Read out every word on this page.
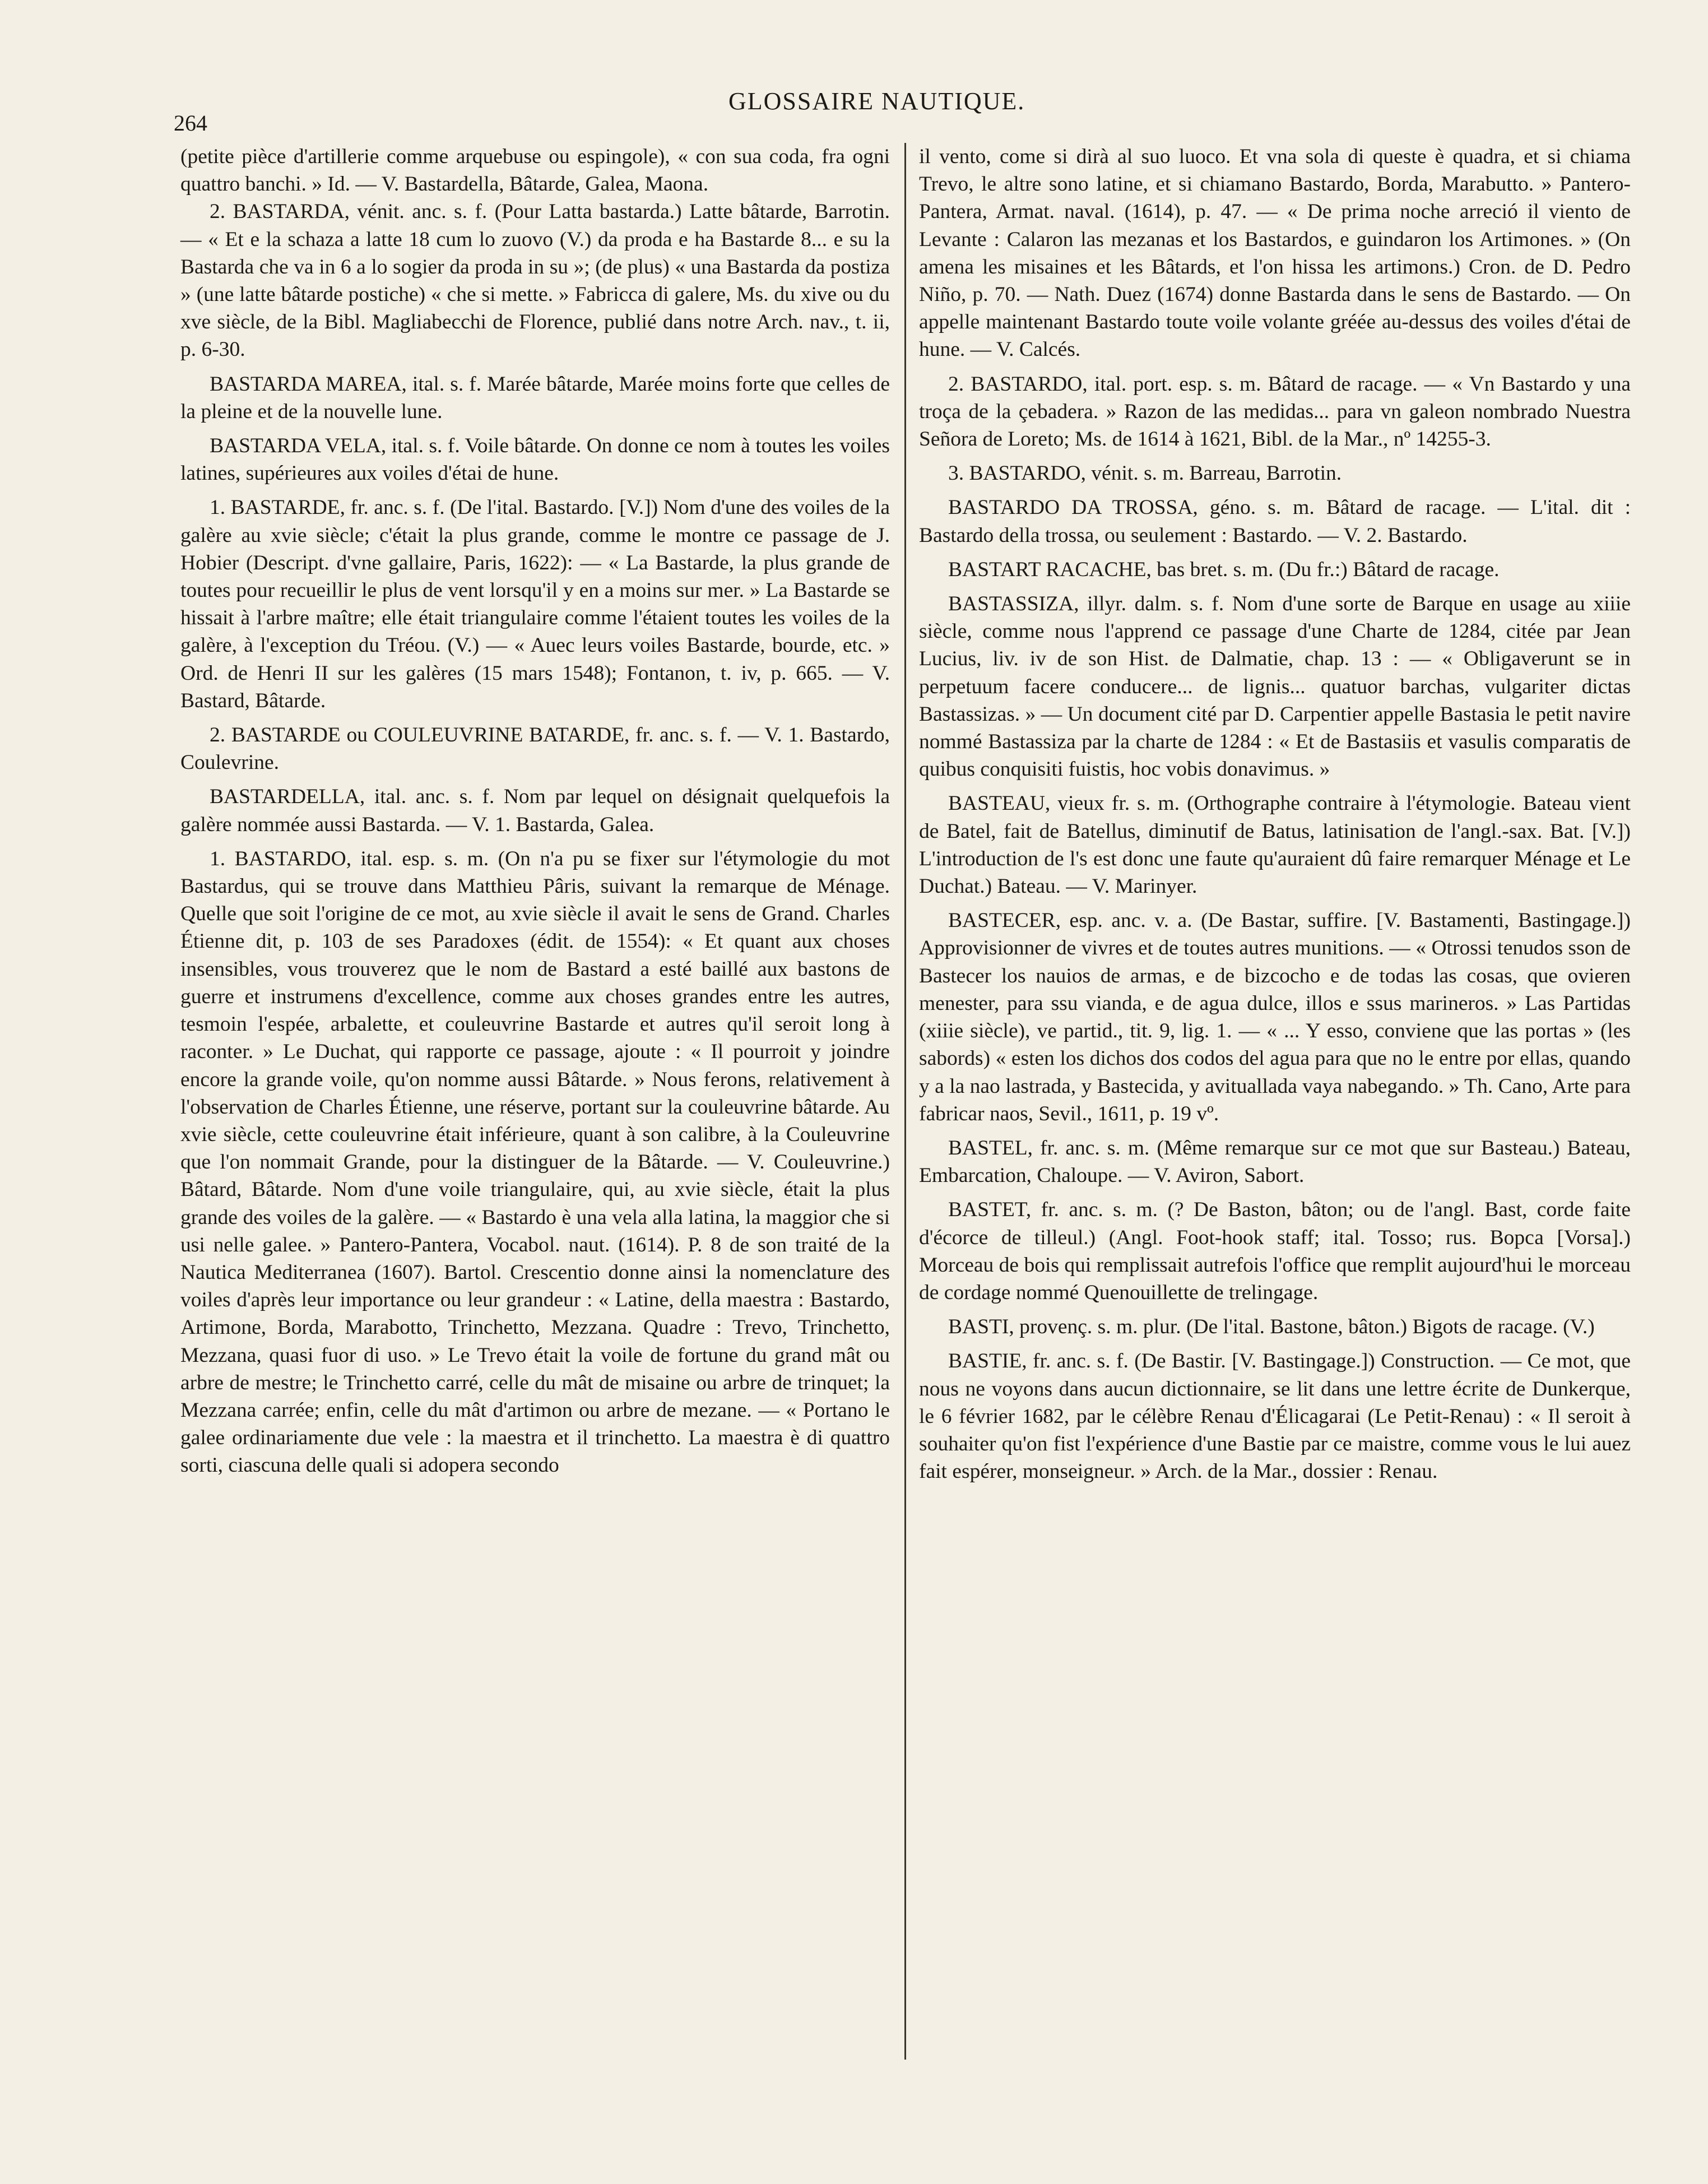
264
GLOSSAIRE NAUTIQUE.

(petite pièce d'artillerie comme arquebuse ou espingole), « con sua coda, fra ogni quattro banchi. » Id. — V. Bastardella, Bâtarde, Galea, Maona.

2. BASTARDA, vénit. anc. s. f. (Pour Latta bastarda.) Latte bâtarde, Barrotin. — « Et e la schaza a latte 18 cum lo zuovo (V.) da proda e ha Bastarde 8... e su la Bastarda che va in 6 a lo sogier da proda in su »; (de plus) « una Bastarda da postiza » (une latte bâtarde postiche) « che si mette. » Fabricca di galere, Ms. du xive ou du xve siècle, de la Bibl. Magliabecchi de Florence, publié dans notre Arch. nav., t. ii, p. 6-30.

BASTARDA MAREA, ital. s. f. Marée bâtarde, Marée moins forte que celles de la pleine et de la nouvelle lune.

BASTARDA VELA, ital. s. f. Voile bâtarde. On donne ce nom à toutes les voiles latines, supérieures aux voiles d'étai de hune.

1. BASTARDE, fr. anc. s. f. (De l'ital. Bastardo. [V.]) Nom d'une des voiles de la galère au xvie siècle; c'était la plus grande, comme le montre ce passage de J. Hobier (Descript. d'vne gallaire, Paris, 1622): — « La Bastarde, la plus grande de toutes pour recueillir le plus de vent lorsqu'il y en a moins sur mer. » La Bastarde se hissait à l'arbre maître; elle était triangulaire comme l'étaient toutes les voiles de la galère, à l'exception du Tréou. (V.) — « Auec leurs voiles Bastarde, bourde, etc. » Ord. de Henri II sur les galères (15 mars 1548); Fontanon, t. iv, p. 665. — V. Bastard, Bâtarde.

2. BASTARDE ou COULEUVRINE BATARDE, fr. anc. s. f. — V. 1. Bastardo, Coulevrine.

BASTARDELLA, ital. anc. s. f. Nom par lequel on désignait quelquefois la galère nommée aussi Bastarda. — V. 1. Bastarda, Galea.

1. BASTARDO, ital. esp. s. m. (On n'a pu se fixer sur l'étymologie du mot Bastardus, qui se trouve dans Matthieu Pâris, suivant la remarque de Ménage. Quelle que soit l'origine de ce mot, au xvie siècle il avait le sens de Grand. Charles Étienne dit, p. 103 de ses Paradoxes (édit. de 1554): « Et quant aux choses insensibles, vous trouverez que le nom de Bastard a esté baillé aux bastons de guerre et instrumens d'excellence, comme aux choses grandes entre les autres, tesmoin l'espée, arbalette, et couleuvrine Bastarde et autres qu'il seroit long à raconter. » Le Duchat, qui rapporte ce passage, ajoute : « Il pourroit y joindre encore la grande voile, qu'on nomme aussi Bâtarde. » Nous ferons, relativement à l'observation de Charles Étienne, une réserve, portant sur la couleuvrine bâtarde. Au xvie siècle, cette couleuvrine était inférieure, quant à son calibre, à la Couleuvrine que l'on nommait Grande, pour la distinguer de la Bâtarde. — V. Couleuvrine.) Bâtard, Bâtarde. Nom d'une voile triangulaire, qui, au xvie siècle, était la plus grande des voiles de la galère. — « Bastardo è una vela alla latina, la maggior che si usi nelle galee. » Pantero-Pantera, Vocabol. naut. (1614). P. 8 de son traité de la Nautica Mediterranea (1607). Bartol. Crescentio donne ainsi la nomenclature des voiles d'après leur importance ou leur grandeur : « Latine, della maestra : Bastardo, Artimone, Borda, Marabotto, Trinchetto, Mezzana. Quadre : Trevo, Trinchetto, Mezzana, quasi fuor di uso. » Le Trevo était la voile de fortune du grand mât ou arbre de mestre; le Trinchetto carré, celle du mât de misaine ou arbre de trinquet; la Mezzana carrée; enfin, celle du mât d'artimon ou arbre de mezane. — « Portano le galee ordinariamente due vele : la maestra et il trinchetto. La maestra è di quattro sorti, ciascuna delle quali si adopera secondo

il vento, come si dirà al suo luoco. Et vna sola di queste è quadra, et si chiama Trevo, le altre sono latine, et si chiamano Bastardo, Borda, Marabutto. » Pantero-Pantera, Armat. naval. (1614), p. 47. — « De prima noche arreció il viento de Levante : Calaron las mezanas et los Bastardos, e guindaron los Artimones. » (On amena les misaines et les Bâtards, et l'on hissa les artimons.) Cron. de D. Pedro Niño, p. 70. — Nath. Duez (1674) donne Bastarda dans le sens de Bastardo. — On appelle maintenant Bastardo toute voile volante gréée au-dessus des voiles d'étai de hune. — V. Calcés.

2. BASTARDO, ital. port. esp. s. m. Bâtard de racage. — « Vn Bastardo y una troça de la çebadera. » Razon de las medidas... para vn galeon nombrado Nuestra Señora de Loreto; Ms. de 1614 à 1621, Bibl. de la Mar., nº 14255-3.

3. BASTARDO, vénit. s. m. Barreau, Barrotin.

BASTARDO DA TROSSA, géno. s. m. Bâtard de racage. — L'ital. dit : Bastardo della trossa, ou seulement : Bastardo. — V. 2. Bastardo.

BASTART RACACHE, bas bret. s. m. (Du fr.:) Bâtard de racage.

BASTASSIZA, illyr. dalm. s. f. Nom d'une sorte de Barque en usage au xiiie siècle, comme nous l'apprend ce passage d'une Charte de 1284, citée par Jean Lucius, liv. iv de son Hist. de Dalmatie, chap. 13 : — « Obligaverunt se in perpetuum facere conducere... de lignis... quatuor barchas, vulgariter dictas Bastassizas. » — Un document cité par D. Carpentier appelle Bastasia le petit navire nommé Bastassiza par la charte de 1284 : « Et de Bastasiis et vasulis comparatis de quibus conquisiti fuistis, hoc vobis donavimus. »

BASTEAU, vieux fr. s. m. (Orthographe contraire à l'étymologie. Bateau vient de Batel, fait de Batellus, diminutif de Batus, latinisation de l'angl.-sax. Bat. [V.]) L'introduction de l's est donc une faute qu'auraient dû faire remarquer Ménage et Le Duchat.) Bateau. — V. Marinyer.

BASTECER, esp. anc. v. a. (De Bastar, suffire. [V. Bastamenti, Bastingage.]) Approvisionner de vivres et de toutes autres munitions. — « Otrossi tenudos sson de Bastecer los nauios de armas, e de bizcocho e de todas las cosas, que ovieren menester, para ssu vianda, e de agua dulce, illos e ssus marineros. » Las Partidas (xiiie siècle), ve partid., tit. 9, lig. 1. — « ... Y esso, conviene que las portas » (les sabords) « esten los dichos dos codos del agua para que no le entre por ellas, quando y a la nao lastrada, y Bastecida, y avituallada vaya nabegando. » Th. Cano, Arte para fabricar naos, Sevil., 1611, p. 19 vº.

BASTEL, fr. anc. s. m. (Même remarque sur ce mot que sur Basteau.) Bateau, Embarcation, Chaloupe. — V. Aviron, Sabort.

BASTET, fr. anc. s. m. (? De Baston, bâton; ou de l'angl. Bast, corde faite d'écorce de tilleul.) (Angl. Foot-hook staff; ital. Tosso; rus. Ворса [Vorsa].) Morceau de bois qui remplissait autrefois l'office que remplit aujourd'hui le morceau de cordage nommé Quenouillette de trelingage.

BASTI, provenç. s. m. plur. (De l'ital. Bastone, bâton.) Bigots de racage. (V.)

BASTIE, fr. anc. s. f. (De Bastir. [V. Bastingage.]) Construction. — Ce mot, que nous ne voyons dans aucun dictionnaire, se lit dans une lettre écrite de Dunkerque, le 6 février 1682, par le célèbre Renau d'Élicagarai (Le Petit-Renau) : « Il seroit à souhaiter qu'on fist l'expérience d'une Bastie par ce maistre, comme vous le lui auez fait espérer, monseigneur. » Arch. de la Mar., dossier : Renau.
